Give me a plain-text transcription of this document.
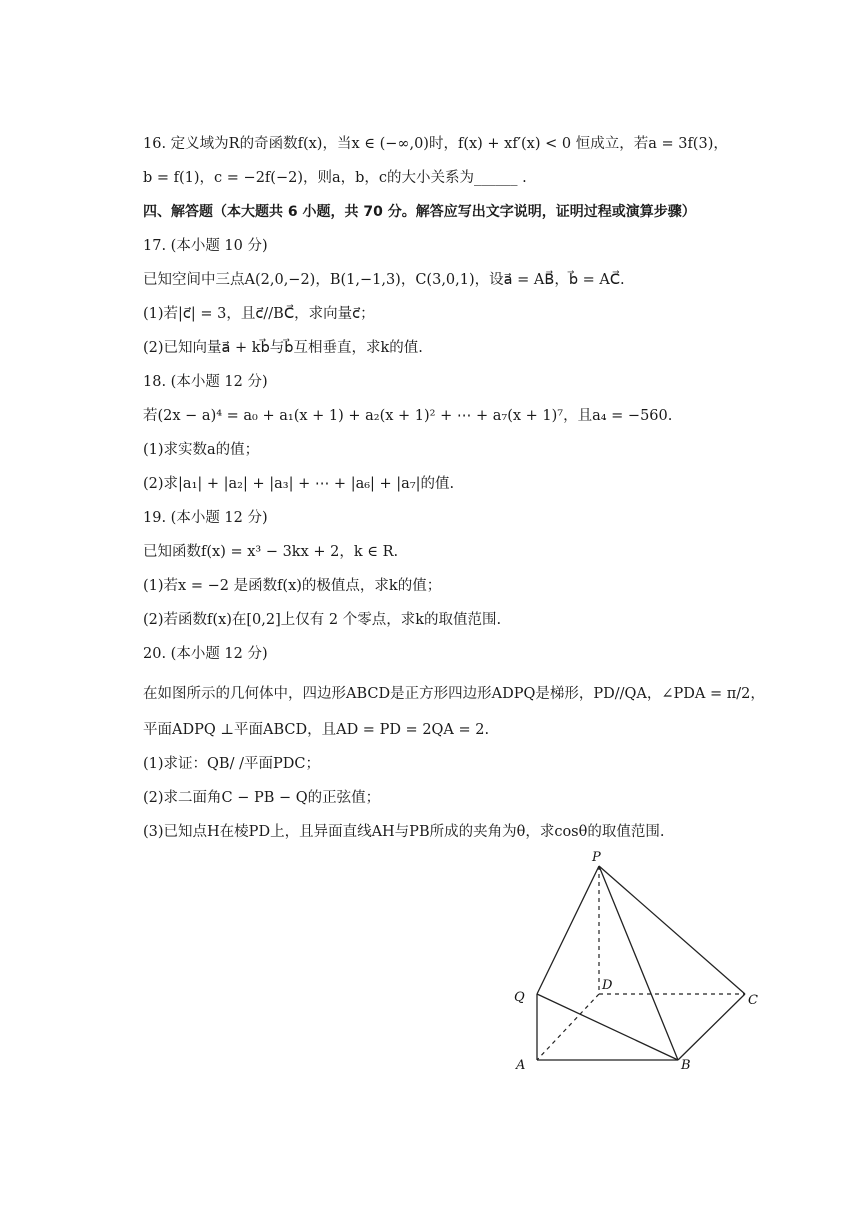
16. 定义域为R的奇函数f(x)，当x ∈ (−∞,0)时，f(x) + xf′(x) < 0 恒成立，若a = 3f(3)，
b = f(1)，c = −2f(−2)，则a，b，c的大小关系为______ .
四、解答题（本大题共 6 小题，共 70 分。解答应写出文字说明，证明过程或演算步骤）
17. (本小题 10 分)
已知空间中三点A(2,0,−2)，B(1,−1,3)，C(3,0,1)，设a⃗ = AB⃗，b⃗ = AC⃗.
(1)若|c⃗| = 3，且c⃗//BC⃗，求向量c⃗；
(2)已知向量a⃗ + kb⃗与b⃗互相垂直，求k的值.
18. (本小题 12 分)
若(2x − a)⁴ = a₀ + a₁(x + 1) + a₂(x + 1)² + ⋯ + a₇(x + 1)⁷，且a₄ = −560.
(1)求实数a的值；
(2)求|a₁| + |a₂| + |a₃| + ⋯ + |a₆| + |a₇|的值.
19. (本小题 12 分)
已知函数f(x) = x³ − 3kx + 2，k ∈ R.
(1)若x = −2 是函数f(x)的极值点，求k的值；
(2)若函数f(x)在[0,2]上仅有 2 个零点，求k的取值范围.
20. (本小题 12 分)
在如图所示的几何体中，四边形ABCD是正方形四边形ADPQ是梯形，PD//QA，∠PDA = π/2，
平面ADPQ ⊥平面ABCD，且AD = PD = 2QA = 2.
(1)求证：QB/ /平面PDC；
(2)求二面角C − PB − Q的正弦值；
(3)已知点H在棱PD上，且异面直线AH与PB所成的夹角为θ，求cosθ的取值范围.
P
Q
D
C
A	B
